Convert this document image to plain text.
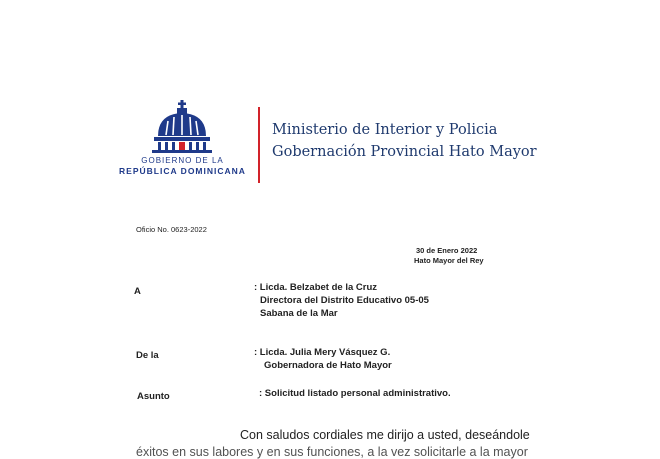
GOBIERNO DE LA
REPÚBLICA DOMINICANA
Ministerio de Interior y Policia
Gobernación Provincial Hato Mayor
Oficio No. 0623-2022
30 de Enero 2022
Hato Mayor del Rey
A	: Licda. Belzabet de la Cruz
Directora del Distrito Educativo 05-05
Sabana de la Mar
De la	: Licda. Julia Mery Vásquez G.
Gobernadora de Hato Mayor
Asunto	: Solicitud listado personal administrativo.
Con saludos cordiales me dirijo a usted, deseándole
éxitos en sus labores y en sus funciones, a la vez solicitarle a la mayor
